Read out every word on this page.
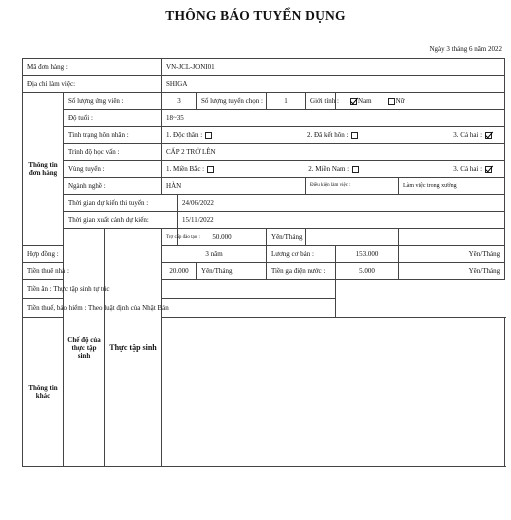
THÔNG BÁO TUYỂN DỤNG
Ngày 3 tháng 6 năm 2022
Mã đơn hàng :			VN-JCL-JONI01						
Địa chỉ làm việc:			SHIGA						
Thông tin đơn hàng	Số lượng ứng viên :		3		Số lượng tuyển chọn :	1	Giới tính :	Nam Nữ	

	Độ tuổi :		18~35						
	Tình trạng hôn nhân :		1. Độc thân : 2. Đã kết hôn : 3. Cả hai :						

	Trình độ học vấn :		CẤP 2 TRỞ LÊN						
	Vùng tuyển :		1. Miền Bắc : 2. Miền Nam : 3. Cả hai :						

	Ngành nghề :		HÀN				Điều kiện làm việc :		Làm việc trong xưởng
	Thời gian dự kiến thi tuyển :			24/06/2022					
	Thời gian xuất cảnh dự kiến:			15/11/2022					
	Chế độ của thực tập sinh	Thực tập sinh	Trợ cấp đào tạo :	50.000		Yên/Tháng			
Hợp đồng :			3 năm			Lương cơ bản :		153.000	Yên/Tháng
Tiền thuê nhà :			20.000		Yên/Tháng	Tiền ga điện nước :		5.000	Yên/Tháng
Tiền ăn : Thực tập sinh tự túc									
Tiền thuế, bảo hiểm : Theo luật định của Nhật Bản									
Thông tin khác									
